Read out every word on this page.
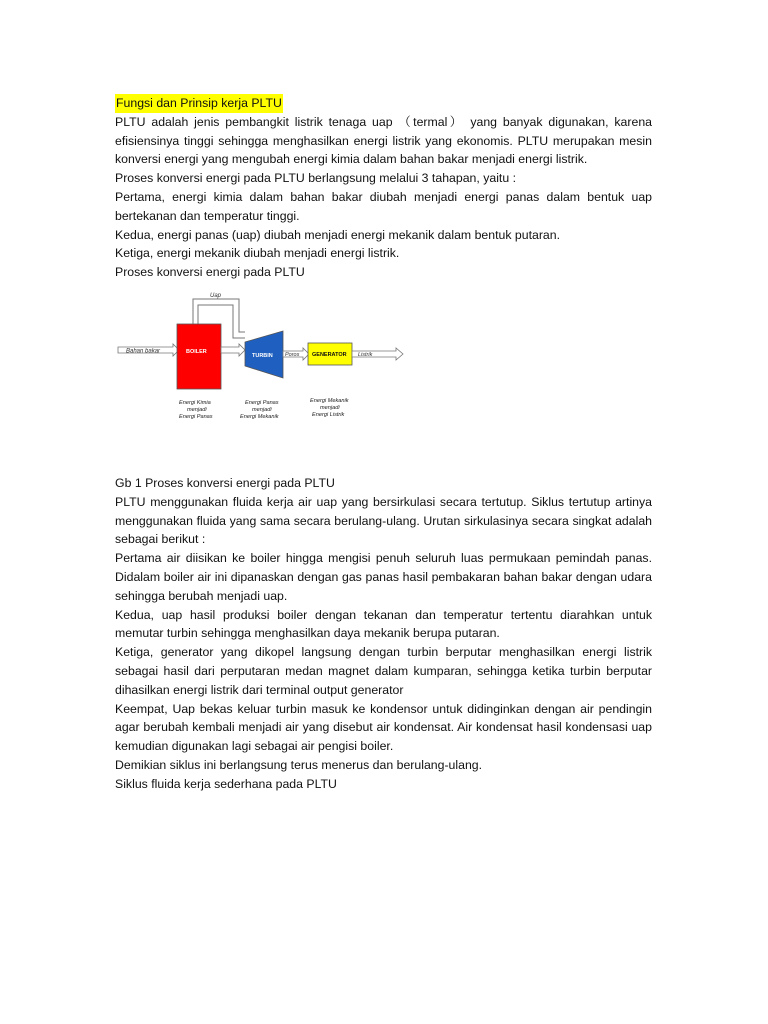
Fungsi dan Prinsip kerja PLTU

PLTU adalah jenis pembangkit listrik tenaga uap （termal） yang banyak digunakan, karena

efisiensinya tinggi sehingga menghasilkan energi listrik yang ekonomis. PLTU merupakan mesin

konversi energi yang mengubah energi kimia dalam bahan bakar menjadi energi listrik.

Proses konversi energi pada PLTU berlangsung melalui 3 tahapan, yaitu :

Pertama, energi kimia dalam bahan bakar diubah menjadi energi panas dalam bentuk uap

bertekanan dan temperatur tinggi.

Kedua, energi panas (uap) diubah menjadi energi mekanik dalam bentuk putaran.

Ketiga, energi mekanik diubah menjadi energi listrik.

Proses konversi energi pada PLTU

Uap
Bahan bakar	BOILER
TURBIN Poros GENERATOR Listrik
Energi Kimia
menjadi
Energi Panas
Energi Panas
menjadi
Energi Mekanik
Energi Mekanik
menjadi
Energi Listrik

Gb 1 Proses konversi energi pada PLTU

PLTU menggunakan fluida kerja air uap yang bersirkulasi secara tertutup. Siklus tertutup artinya

menggunakan fluida yang sama secara berulang-ulang. Urutan sirkulasinya secara singkat adalah

sebagai berikut :

Pertama air diisikan ke boiler hingga mengisi penuh seluruh luas permukaan pemindah panas.

Didalam boiler air ini dipanaskan dengan gas panas hasil pembakaran bahan bakar dengan udara

sehingga berubah menjadi uap.

Kedua, uap hasil produksi boiler dengan tekanan dan temperatur tertentu diarahkan untuk

memutar turbin sehingga menghasilkan daya mekanik berupa putaran.

Ketiga, generator yang dikopel langsung dengan turbin berputar menghasilkan energi listrik

sebagai hasil dari perputaran medan magnet dalam kumparan, sehingga ketika turbin berputar

dihasilkan energi listrik dari terminal output generator

Keempat, Uap bekas keluar turbin masuk ke kondensor untuk didinginkan dengan air pendingin

agar berubah kembali menjadi air yang disebut air kondensat. Air kondensat hasil kondensasi uap

kemudian digunakan lagi sebagai air pengisi boiler.

Demikian siklus ini berlangsung terus menerus dan berulang-ulang.

Siklus fluida kerja sederhana pada PLTU
